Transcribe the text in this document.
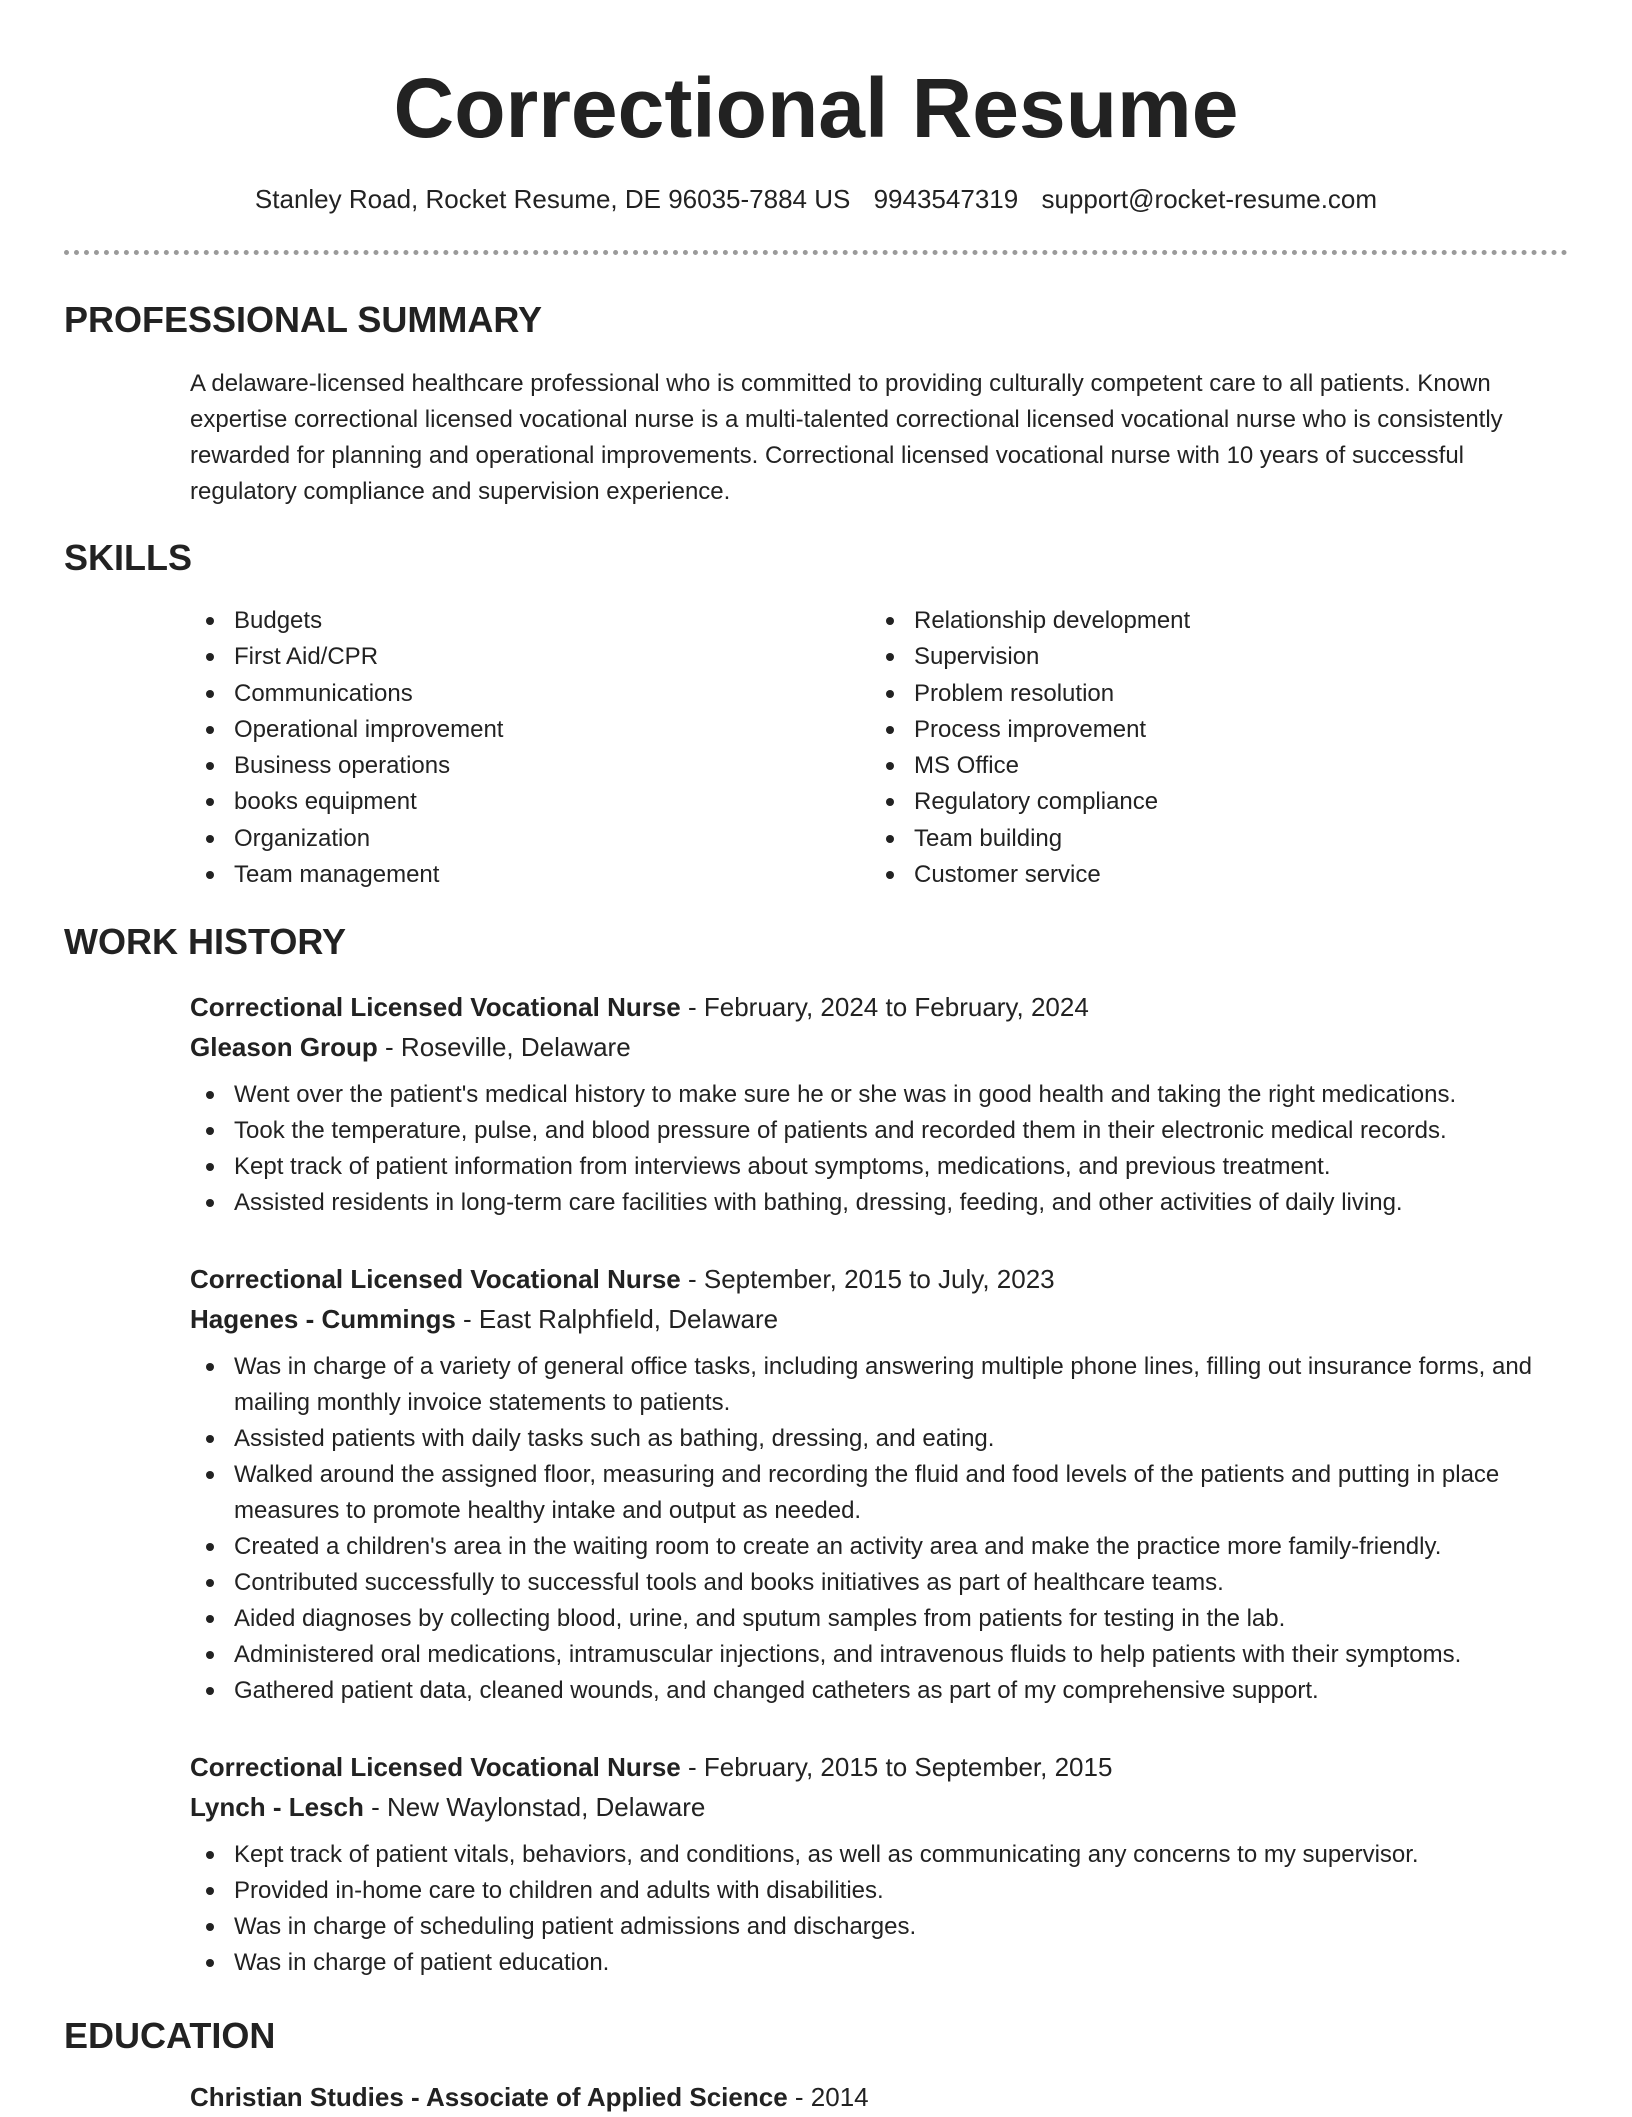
Correctional Resume
Stanley Road, Rocket Resume, DE 96035-7884 US 9943547319 support@rocket-resume.com
PROFESSIONAL SUMMARY

A delaware-licensed healthcare professional who is committed to providing culturally competent care to all patients. Known expertise correctional licensed vocational nurse is a multi-talented correctional licensed vocational nurse who is consistently rewarded for planning and operational improvements. Correctional licensed vocational nurse with 10 years of successful regulatory compliance and supervision experience.

SKILLS
Budgets
First Aid/CPR
Communications
Operational improvement
Business operations
books equipment
Organization
Team management
Relationship development
Supervision
Problem resolution
Process improvement
MS Office
Regulatory compliance
Team building
Customer service
WORK HISTORY
Correctional Licensed Vocational Nurse - February, 2024 to February, 2024
Gleason Group - Roseville, Delaware
Went over the patient's medical history to make sure he or she was in good health and taking the right medications.
Took the temperature, pulse, and blood pressure of patients and recorded them in their electronic medical records.
Kept track of patient information from interviews about symptoms, medications, and previous treatment.
Assisted residents in long-term care facilities with bathing, dressing, feeding, and other activities of daily living.
Correctional Licensed Vocational Nurse - September, 2015 to July, 2023
Hagenes - Cummings - East Ralphfield, Delaware
Was in charge of a variety of general office tasks, including answering multiple phone lines, filling out insurance forms, and mailing monthly invoice statements to patients.
Assisted patients with daily tasks such as bathing, dressing, and eating.
Walked around the assigned floor, measuring and recording the fluid and food levels of the patients and putting in place measures to promote healthy intake and output as needed.
Created a children's area in the waiting room to create an activity area and make the practice more family-friendly.
Contributed successfully to successful tools and books initiatives as part of healthcare teams.
Aided diagnoses by collecting blood, urine, and sputum samples from patients for testing in the lab.
Administered oral medications, intramuscular injections, and intravenous fluids to help patients with their symptoms.
Gathered patient data, cleaned wounds, and changed catheters as part of my comprehensive support.
Correctional Licensed Vocational Nurse - February, 2015 to September, 2015
Lynch - Lesch - New Waylonstad, Delaware
Kept track of patient vitals, behaviors, and conditions, as well as communicating any concerns to my supervisor.
Provided in-home care to children and adults with disabilities.
Was in charge of scheduling patient admissions and discharges.
Was in charge of patient education.
EDUCATION
Christian Studies - Associate of Applied Science - 2014
